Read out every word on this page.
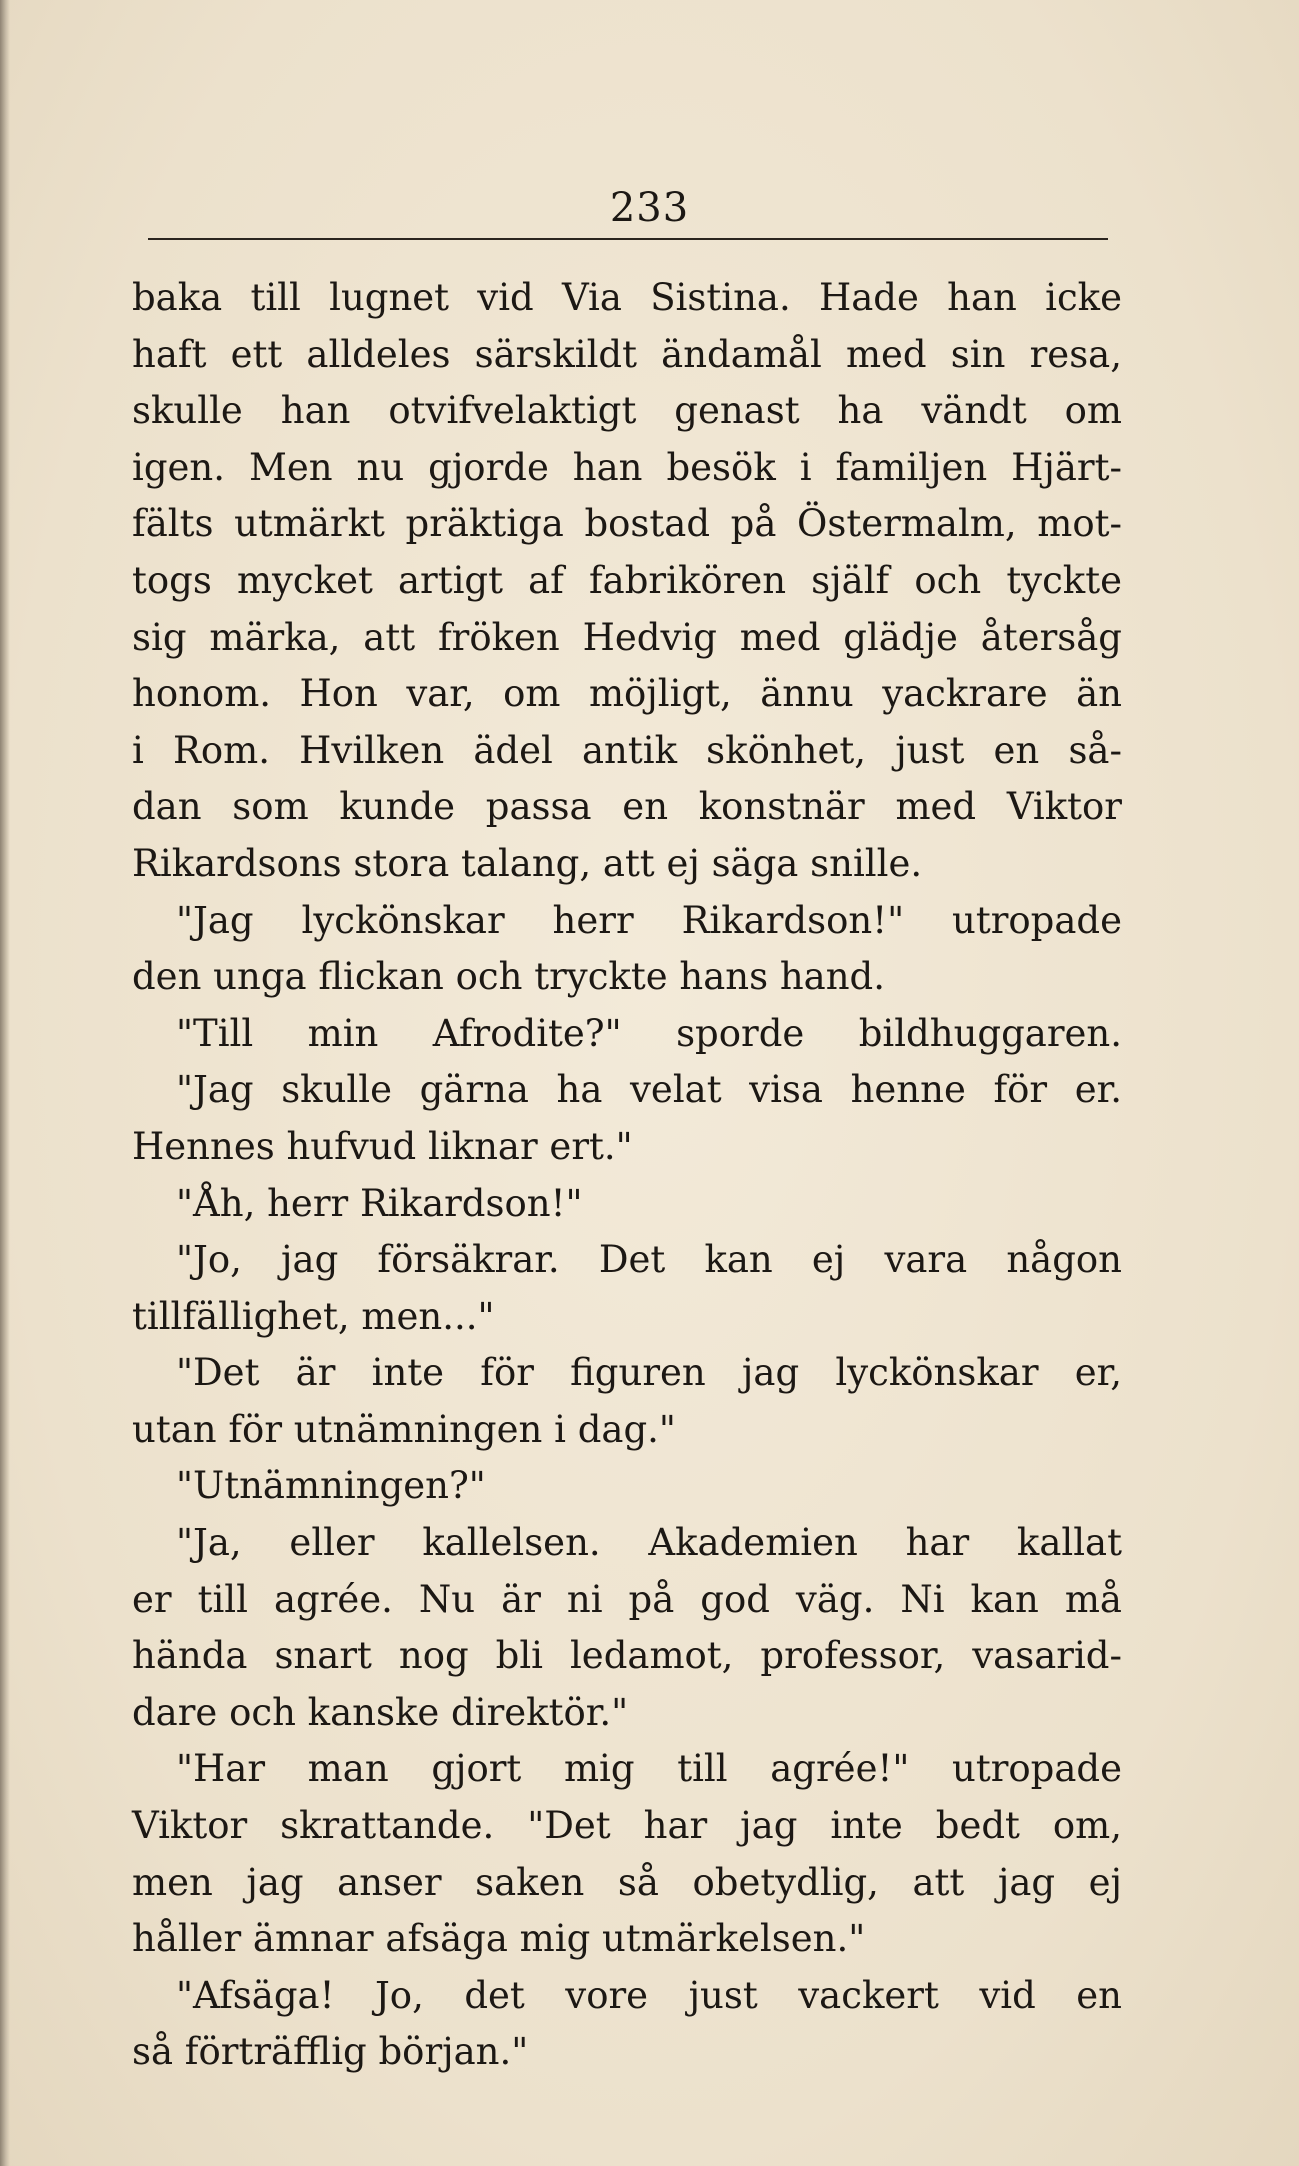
233
baka till lugnet vid Via Sistina. Hade han icke
haft ett alldeles särskildt ändamål med sin resa,
skulle han otvifvelaktigt genast ha vändt om
igen. Men nu gjorde han besök i familjen Hjärt-
fälts utmärkt präktiga bostad på Östermalm, mot-
togs mycket artigt af fabrikören själf och tyckte
sig märka, att fröken Hedvig med glädje återsåg
honom. Hon var, om möjligt, ännu yackrare än
i Rom. Hvilken ädel antik skönhet, just en så-
dan som kunde passa en konstnär med Viktor
Rikardsons stora talang, att ej säga snille.
"Jag lyckönskar herr Rikardson!" utropade
den unga flickan och tryckte hans hand.
"Till min Afrodite?" sporde bildhuggaren.
"Jag skulle gärna ha velat visa henne för er.
Hennes hufvud liknar ert."
"Åh, herr Rikardson!"
"Jo, jag försäkrar. Det kan ej vara någon
tillfällighet, men..."
"Det är inte för figuren jag lyckönskar er,
utan för utnämningen i dag."
"Utnämningen?"
"Ja, eller kallelsen. Akademien har kallat
er till agrée. Nu är ni på god väg. Ni kan må
hända snart nog bli ledamot, professor, vasarid-
dare och kanske direktör."
"Har man gjort mig till agrée!" utropade
Viktor skrattande. "Det har jag inte bedt om,
men jag anser saken så obetydlig, att jag ej
håller ämnar afsäga mig utmärkelsen."
"Afsäga! Jo, det vore just vackert vid en
så förträfflig början."
